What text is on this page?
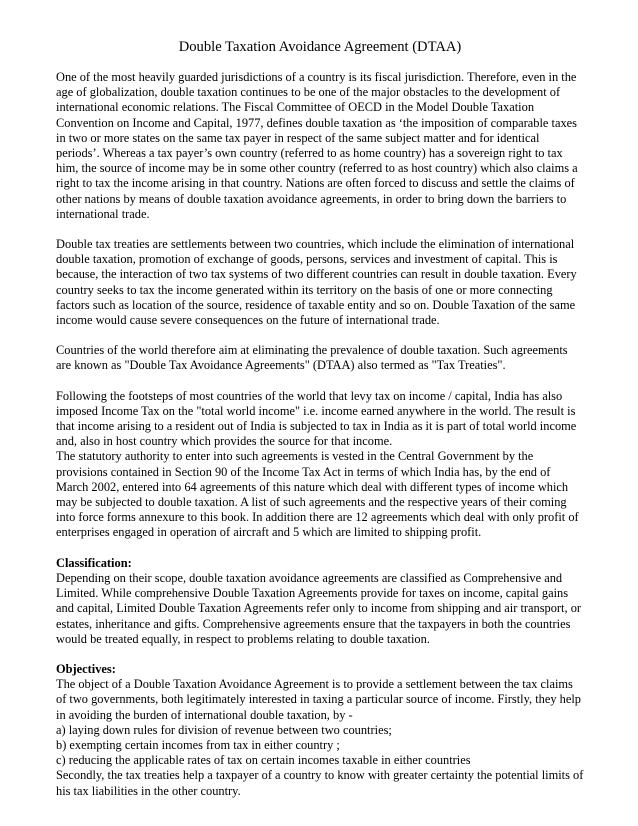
Double Taxation Avoidance Agreement (DTAA)

One of the most heavily guarded jurisdictions of a country is its fiscal jurisdiction. Therefore, even in the age of globalization, double taxation continues to be one of the major obstacles to the development of international economic relations. The Fiscal Committee of OECD in the Model Double Taxation Convention on Income and Capital, 1977, defines double taxation as ‘the imposition of comparable taxes in two or more states on the same tax payer in respect of the same subject matter and for identical periods’. Whereas a tax payer’s own country (referred to as home country) has a sovereign right to tax him, the source of income may be in some other country (referred to as host country) which also claims a right to tax the income arising in that country. Nations are often forced to discuss and settle the claims of other nations by means of double taxation avoidance agreements, in order to bring down the barriers to international trade.

Double tax treaties are settlements between two countries, which include the elimination of international double taxation, promotion of exchange of goods, persons, services and investment of capital. This is because, the interaction of two tax systems of two different countries can result in double taxation. Every country seeks to tax the income generated within its territory on the basis of one or more connecting factors such as location of the source, residence of taxable entity and so on. Double Taxation of the same income would cause severe consequences on the future of international trade.

Countries of the world therefore aim at eliminating the prevalence of double taxation. Such agreements are known as "Double Tax Avoidance Agreements" (DTAA) also termed as "Tax Treaties".

Following the footsteps of most countries of the world that levy tax on income / capital, India has also imposed Income Tax on the "total world income" i.e. income earned anywhere in the world. The result is that income arising to a resident out of India is subjected to tax in India as it is part of total world income and, also in host country which provides the source for that income.

The statutory authority to enter into such agreements is vested in the Central Government by the provisions contained in Section 90 of the Income Tax Act in terms of which India has, by the end of March 2002, entered into 64 agreements of this nature which deal with different types of income which may be subjected to double taxation. A list of such agreements and the respective years of their coming into force forms annexure to this book. In addition there are 12 agreements which deal with only profit of enterprises engaged in operation of aircraft and 5 which are limited to shipping profit.

Classification:

Depending on their scope, double taxation avoidance agreements are classified as Comprehensive and Limited. While comprehensive Double Taxation Agreements provide for taxes on income, capital gains and capital, Limited Double Taxation Agreements refer only to income from shipping and air transport, or estates, inheritance and gifts. Comprehensive agreements ensure that the taxpayers in both the countries would be treated equally, in respect to problems relating to double taxation.

Objectives:

The object of a Double Taxation Avoidance Agreement is to provide a settlement between the tax claims of two governments, both legitimately interested in taxing a particular source of income. Firstly, they help in avoiding the burden of international double taxation, by -

a) laying down rules for division of revenue between two countries;
b) exempting certain incomes from tax in either country ;
c) reducing the applicable rates of tax on certain incomes taxable in either countries

Secondly, the tax treaties help a taxpayer of a country to know with greater certainty the potential limits of his tax liabilities in the other country.
